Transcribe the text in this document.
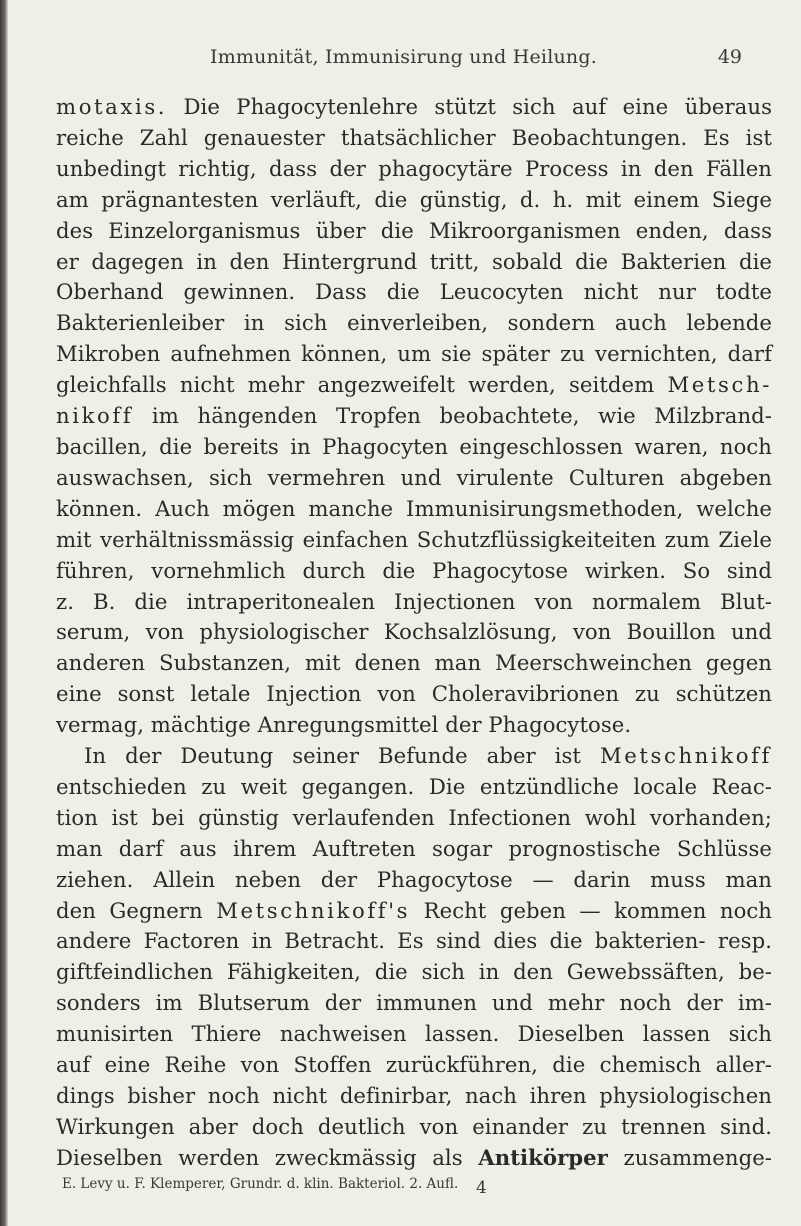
Immunität, Immunisirung und Heilung.	49
motaxis. Die Phagocytenlehre stützt sich auf eine überaus
reiche Zahl genauester thatsächlicher Beobachtungen. Es ist
unbedingt richtig, dass der phagocytäre Process in den Fällen
am prägnantesten verläuft, die günstig, d. h. mit einem Siege
des Einzelorganismus über die Mikroorganismen enden, dass
er dagegen in den Hintergrund tritt, sobald die Bakterien die
Oberhand gewinnen. Dass die Leucocyten nicht nur todte
Bakterienleiber in sich einverleiben, sondern auch lebende
Mikroben aufnehmen können, um sie später zu vernichten, darf
gleichfalls nicht mehr angezweifelt werden, seitdem Metsch-
nikoff im hängenden Tropfen beobachtete, wie Milzbrand-
bacillen, die bereits in Phagocyten eingeschlossen waren, noch
auswachsen, sich vermehren und virulente Culturen abgeben
können. Auch mögen manche Immunisirungsmethoden, welche
mit verhältnissmässig einfachen Schutzflüssigkeiteiten zum Ziele
führen, vornehmlich durch die Phagocytose wirken. So sind
z. B. die intraperitonealen Injectionen von normalem Blut-
serum, von physiologischer Kochsalzlösung, von Bouillon und
anderen Substanzen, mit denen man Meerschweinchen gegen
eine sonst letale Injection von Choleravibrionen zu schützen
vermag, mächtige Anregungsmittel der Phagocytose.
In der Deutung seiner Befunde aber ist Metschnikoff
entschieden zu weit gegangen. Die entzündliche locale Reac-
tion ist bei günstig verlaufenden Infectionen wohl vorhanden;
man darf aus ihrem Auftreten sogar prognostische Schlüsse
ziehen. Allein neben der Phagocytose — darin muss man
den Gegnern Metschnikoff's Recht geben — kommen noch
andere Factoren in Betracht. Es sind dies die bakterien- resp.
giftfeindlichen Fähigkeiten, die sich in den Gewebssäften, be-
sonders im Blutserum der immunen und mehr noch der im-
munisirten Thiere nachweisen lassen. Dieselben lassen sich
auf eine Reihe von Stoffen zurückführen, die chemisch aller-
dings bisher noch nicht definirbar, nach ihren physiologischen
Wirkungen aber doch deutlich von einander zu trennen sind.
Dieselben werden zweckmässig als Antikörper zusammenge-
E. Levy u. F. Klemperer, Grundr. d. klin. Bakteriol. 2. Aufl. 4
